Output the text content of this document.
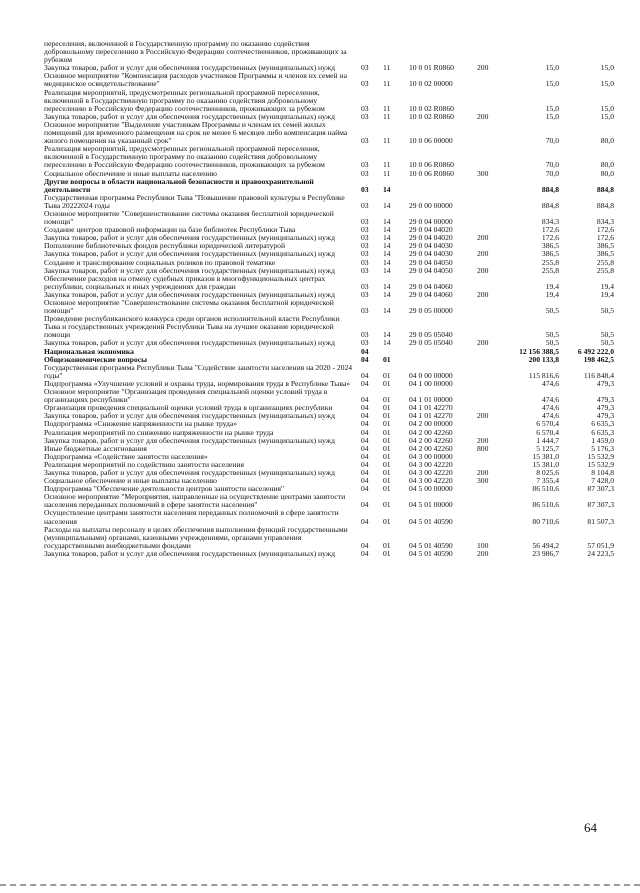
переселения, включенной в Государственную программу по оказанию содействия добровольному переселению в Российскую Федерацию соотечественников, проживающих за рубежом						
Закупка товаров, работ и услуг для обеспечения государственных (муниципальных) нужд	03	11	10 0 01 R0860	200	15,0	15,0
Основное мероприятие "Компенсация расходов участников Программы и членов их семей на медицинское освидетельствование"	03	11	10 0 02 00000		15,0	15,0
Реализация мероприятий, предусмотренных региональной программой переселения, включенной в Государственную программу по оказанию содействия добровольному переселению в Российскую Федерацию соотечественников, проживающих за рубежом	03	11	10 0 02 R0860		15,0	15,0
Закупка товаров, работ и услуг для обеспечения государственных (муниципальных) нужд	03	11	10 0 02 R0860	200	15,0	15,0
Основное мероприятие "Выделение участникам Программы и членам их семей жилых помещений для временного размещения на срок не менее 6 месяцев либо компенсация найма жилого помещения на указанный срок"	03	11	10 0 06 00000		70,0	80,0
Реализация мероприятий, предусмотренных региональной программой переселения, включенной в Государственную программу по оказанию содействия добровольному переселению в Российскую Федерацию соотечественников, проживающих за рубежом	03	11	10 0 06 R0860		70,0	80,0
Социальное обеспечение и иные выплаты населению	03	11	10 0 06 R0860	300	70,0	80,0
Другие вопросы в области национальной безопасности и правоохранительной деятельности	03	14			884,8	884,8
Государственная программа Республики Тыва "Повышение правовой культуры в Республике Тыва 20222024 годы	03	14	29 0 00 00000		884,8	884,8
Основное мероприятие "Совершенствование системы оказания бесплатной юридической помощи"	03	14	29 0 04 00000		834,3	834,3
Создание центров правовой информации на базе библиотек Республики Тыва	03	14	29 0 04 04020		172,6	172,6
Закупка товаров, работ и услуг для обеспечения государственных (муниципальных) нужд	03	14	29 0 04 04020	200	172,6	172,6
Пополнение библиотечных фондов республики юридической литературой	03	14	29 0 04 04030		386,5	386,5
Закупка товаров, работ и услуг для обеспечения государственных (муниципальных) нужд	03	14	29 0 04 04030	200	386,5	386,5
Создание и транслирование социальных роликов по правовой тематике	03	14	29 0 04 04050		255,8	255,8
Закупка товаров, работ и услуг для обеспечения государственных (муниципальных) нужд	03	14	29 0 04 04050	200	255,8	255,8
Обеспечение расходов на отмену судебных приказов в многофункциональных центрах республики, социальных и иных учреждениях для граждан	03	14	29 0 04 04060		19,4	19,4
Закупка товаров, работ и услуг для обеспечения государственных (муниципальных) нужд	03	14	29 0 04 04060	200	19,4	19,4
Основное мероприятие "Совершенствование системы оказания бесплатной юридической помощи"	03	14	29 0 05 00000		50,5	50,5
Проведение республиканского конкурса среди органов исполнительной власти Республики Тыва и государственных учреждений Республики Тыва на лучшее оказание юридической помощи	03	14	29 0 05 05040		50,5	50,5
Закупка товаров, работ и услуг для обеспечения государственных (муниципальных) нужд	03	14	29 0 05 05040	200	50,5	50,5
Национальная экономика	04				12 156 388,5	6 492 222,0
Общеэкономические вопросы	04	01			200 133,8	198 462,5
Государственная программа Республики Тыва "Содействие занятости населения на 2020 - 2024 годы"	04	01	04 0 00 00000		115 816,6	116 848,4
Подпрограмма «Улучшение условий и охраны труда, нормирования труда в Республике Тыва»	04	01	04 1 00 00000		474,6	479,3
Основное мероприятие "Организация проведения специальной оценки условий труда в организациях республики"	04	01	04 1 01 00000		474,6	479,3
Организация проведения специальной оценки условий труда в организациях республики	04	01	04 1 01 42270		474,6	479,3
Закупка товаров, работ и услуг для обеспечения государственных (муниципальных) нужд	04	01	04 1 01 42270	200	474,6	479,3
Подпрограмма «Снижение напряженности на рынке труда»	04	01	04 2 00 00000		6 570,4	6 635,3
Реализация мероприятий по снижению напряженности на рынке труда	04	01	04 2 00 42260		6 570,4	6 635,3
Закупка товаров, работ и услуг для обеспечения государственных (муниципальных) нужд	04	01	04 2 00 42260	200	1 444,7	1 459,0
Иные бюджетные ассигнования	04	01	04 2 00 42260	800	5 125,7	5 176,3
Подпрограмма «Содействие занятости населения»	04	01	04 3 00 00000		15 381,0	15 532,9
Реализация мероприятий по содействию занятости населения	04	01	04 3 00 42220		15 381,0	15 532,9
Закупка товаров, работ и услуг для обеспечения государственных (муниципальных) нужд	04	01	04 3 00 42220	200	8 025,6	8 104,8
Социальное обеспечение и иные выплаты населению	04	01	04 3 00 42220	300	7 355,4	7 428,0
Подпрограмма "Обеспечение деятельности центров занятости населения"	04	01	04 5 00 00000		86 510,6	87 307,3
Основное мероприятие "Мероприятия, направленные на осуществление центрами занятости населения переданных полномочий в сфере занятости населения"	04	01	04 5 01 00000		86 510,6	87 307,3
Осуществление центрами занятости населения переданных полномочий в сфере занятости населения	04	01	04 5 01 40590		80 710,6	81 507,3
Расходы на выплаты персоналу в целях обеспечения выполнения функций государственными (муниципальными) органами, казенными учреждениями, органами управления государственными внебюджетными фондами	04	01	04 5 01 40590	100	56 494,2	57 051,9
Закупка товаров, работ и услуг для обеспечения государственных (муниципальных) нужд	04	01	04 5 01 40590	200	23 986,7	24 223,5
64
